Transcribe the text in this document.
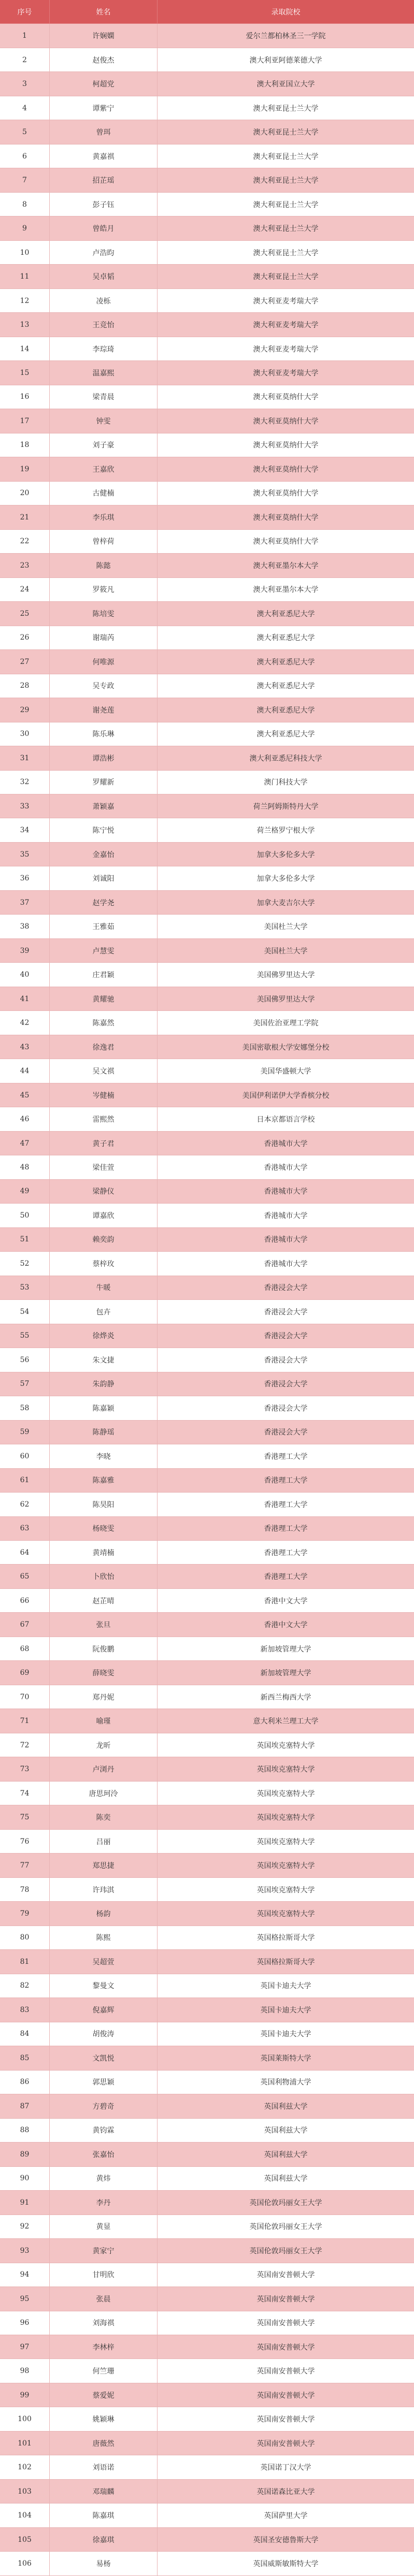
序号	姓名	录取院校
1	许娴嫻	爱尔兰都柏林圣三一学院
2	赵俊杰	澳大利亚阿德莱德大学
3	柯超党	澳大利亚国立大学
4	谭紫宁	澳大利亚昆士兰大学
5	曾珥	澳大利亚昆士兰大学
6	黄嘉祺	澳大利亚昆士兰大学
7	招芷瑶	澳大利亚昆士兰大学
8	彭子钰	澳大利亚昆士兰大学
9	曾皓月	澳大利亚昆士兰大学
10	卢浩昀	澳大利亚昆士兰大学
11	吴卓韬	澳大利亚昆士兰大学
12	凌栎	澳大利亚麦考瑞大学
13	王竞怡	澳大利亚麦考瑞大学
14	李琮琦	澳大利亚麦考瑞大学
15	温嘉熙	澳大利亚麦考瑞大学
16	梁青晨	澳大利亚莫纳什大学
17	钟雯	澳大利亚莫纳什大学
18	刘子豪	澳大利亚莫纳什大学
19	王嘉欣	澳大利亚莫纳什大学
20	古健楠	澳大利亚莫纳什大学
21	李乐琪	澳大利亚莫纳什大学
22	曾梓荷	澳大利亚莫纳什大学
23	陈懿	澳大利亚墨尔本大学
24	罗筱凡	澳大利亚墨尔本大学
25	陈培雯	澳大利亚悉尼大学
26	谢瑞芮	澳大利亚悉尼大学
27	何唯源	澳大利亚悉尼大学
28	吴专政	澳大利亚悉尼大学
29	谢尧莲	澳大利亚悉尼大学
30	陈乐琳	澳大利亚悉尼大学
31	谭浩彬	澳大利亚悉尼科技大学
32	罗耀新	澳门科技大学
33	萧颖嘉	荷兰阿姆斯特丹大学
34	陈宁悦	荷兰格罗宁根大学
35	金嘉怡	加拿大多伦多大学
36	刘诚阳	加拿大多伦多大学
37	赵学尧	加拿大麦吉尔大学
38	王雅茹	美国杜兰大学
39	卢慧雯	美国杜兰大学
40	庄君颖	美国佛罗里达大学
41	黄耀驰	美国佛罗里达大学
42	陈嘉然	美国佐治亚理工学院
43	徐逸君	美国密歇根大学安娜堡分校
44	吴文祺	美国华盛顿大学
45	岑健楠	美国伊利诺伊大学香槟分校
46	雷熙然	日本京都语言学校
47	黄子君	香港城市大学
48	梁佳萱	香港城市大学
49	梁静仪	香港城市大学
50	谭嘉欣	香港城市大学
51	赖奕韵	香港城市大学
52	蔡梓玫	香港城市大学
53	牛暖	香港浸会大学
54	包卉	香港浸会大学
55	徐烨炎	香港浸会大学
56	朱文捷	香港浸会大学
57	朱韵静	香港浸会大学
58	陈嘉颖	香港浸会大学
59	陈静瑶	香港浸会大学
60	李晓	香港理工大学
61	陈嘉雅	香港理工大学
62	陈昊阳	香港理工大学
63	杨晓雯	香港理工大学
64	黄靖楠	香港理工大学
65	卜欣怡	香港理工大学
66	赵芷晴	香港中文大学
67	张旦	香港中文大学
68	阮俊鹏	新加坡管理大学
69	薛晓雯	新加坡管理大学
70	郑丹妮	新西兰梅西大学
71	喻瑾	意大利米兰理工大学
72	龙昕	英国埃克塞特大学
73	卢浏丹	英国埃克塞特大学
74	唐思珂泠	英国埃克塞特大学
75	陈奕	英国埃克塞特大学
76	吕丽	英国埃克塞特大学
77	郑思捷	英国埃克塞特大学
78	许玮淇	英国埃克塞特大学
79	杨韵	英国埃克塞特大学
80	陈熙	英国格拉斯哥大学
81	吴超萱	英国格拉斯哥大学
82	黎曼文	英国卡迪夫大学
83	倪嘉辉	英国卡迪夫大学
84	胡俊涛	英国卡迪夫大学
85	文凯悦	英国莱斯特大学
86	郭思颖	英国利物浦大学
87	方碧奇	英国利兹大学
88	黄钧霖	英国利兹大学
89	张嘉怡	英国利兹大学
90	黄炜	英国利兹大学
91	李丹	英国伦敦玛丽女王大学
92	黄显	英国伦敦玛丽女王大学
93	黄家宁	英国伦敦玛丽女王大学
94	甘明欣	英国南安普顿大学
95	张晨	英国南安普顿大学
96	刘海祺	英国南安普顿大学
97	李林梓	英国南安普顿大学
98	何竺珊	英国南安普顿大学
99	蔡爱妮	英国南安普顿大学
100	姚颖琳	英国南安普顿大学
101	唐薇然	英国南安普顿大学
102	刘语诺	英国诺丁汉大学
103	邓瑞麟	英国诺森比亚大学
104	陈嘉琪	英国萨里大学
105	徐嘉琪	英国圣安德鲁斯大学
106	易杨	英国威斯敏斯特大学
